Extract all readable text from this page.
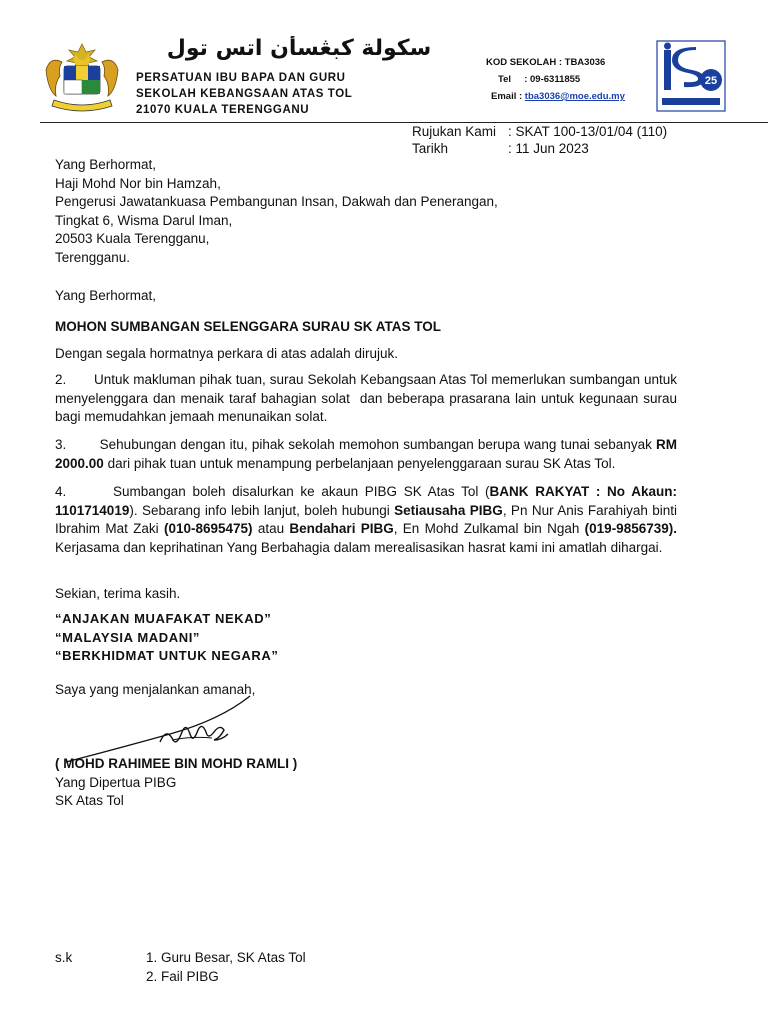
سكولة كبڠسأن اتس تول
PERSATUAN IBU BAPA DAN GURU
SEKOLAH KEBANGSAAN ATAS TOL
21070 KUALA TERENGGANU
KOD SEKOLAH : TBA3036
Tel     : 09-6311855
Email : tba3036@moe.edu.my
25
Rujukan Kami : SKAT 100-13/01/04 (110)
Tarikh	: 11 Jun 2023
Yang Berhormat,
Haji Mohd Nor bin Hamzah,
Pengerusi Jawatankuasa Pembangunan Insan, Dakwah dan Penerangan,
Tingkat 6, Wisma Darul Iman,
20503 Kuala Terengganu,
Terengganu.
Yang Berhormat,
MOHON SUMBANGAN SELENGGARA SURAU SK ATAS TOL
Dengan segala hormatnya perkara di atas adalah dirujuk.
2.       Untuk makluman pihak tuan, surau Sekolah Kebangsaan Atas Tol memerlukan sumbangan untuk menyelenggara dan menaik taraf bahagian solat  dan beberapa prasarana lain untuk kegunaan surau bagi memudahkan jemaah menunaikan solat.
3.        Sehubungan dengan itu, pihak sekolah memohon sumbangan berupa wang tunai sebanyak RM 2000.00 dari pihak tuan untuk menampung perbelanjaan penyelenggaraan surau SK Atas Tol.
4.       Sumbangan boleh disalurkan ke akaun PIBG SK Atas Tol (BANK RAKYAT : No Akaun: 1101714019). Sebarang info lebih lanjut, boleh hubungi Setiausaha PIBG, Pn Nur Anis Farahiyah binti Ibrahim Mat Zaki (010-8695475) atau Bendahari PIBG, En Mohd Zulkamal bin Ngah (019-9856739). Kerjasama dan keprihatinan Yang Berbahagia dalam merealisasikan hasrat kami ini amatlah dihargai.
Sekian, terima kasih.
“ANJAKAN MUAFAKAT NEKAD”
“MALAYSIA MADANI”
“BERKHIDMAT UNTUK NEGARA”
Saya yang menjalankan amanah,
( MOHD RAHIMEE BIN MOHD RAMLI )
Yang Dipertua PIBG
SK Atas Tol
s.k	1. Guru Besar, SK Atas Tol
2. Fail PIBG
